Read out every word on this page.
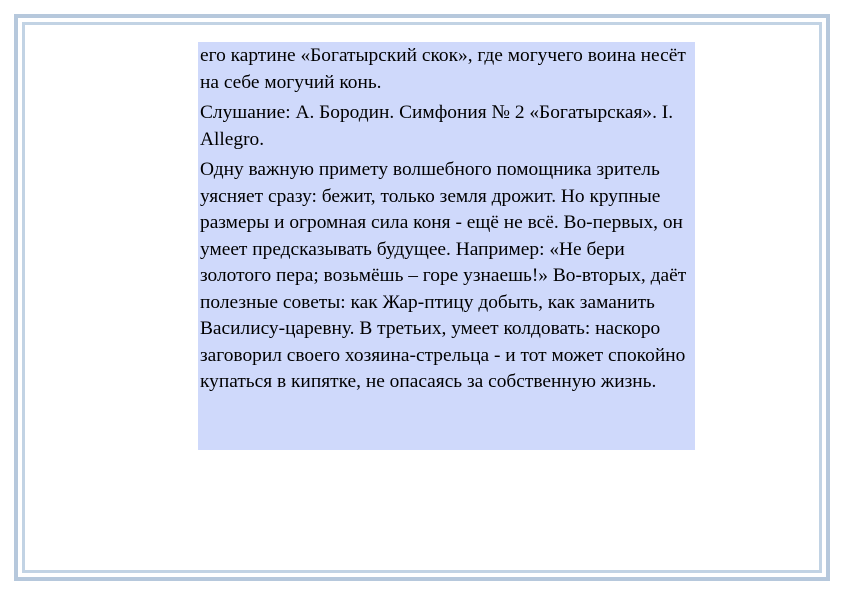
его картине «Богатырский скок», где могучего воина несёт на себе могучий конь.

Слушание: А. Бородин. Симфония № 2 «Богатырская». I. Allegro.

Одну важную примету волшебного помощника зритель уясняет сразу: бежит, только земля дрожит. Но крупные размеры и огромная сила коня - ещё не всё. Во-первых, он умеет предсказывать будущее. Например: «Не бери золотого пера; возьмёшь – горе узнаешь!» Во-вторых, даёт полезные советы: как Жар-птицу добыть, как заманить Василису-царевну. В третьих, умеет колдовать: наскоро заговорил своего хозяина-стрельца - и тот может спокойно купаться в кипятке, не опасаясь за собственную жизнь.
